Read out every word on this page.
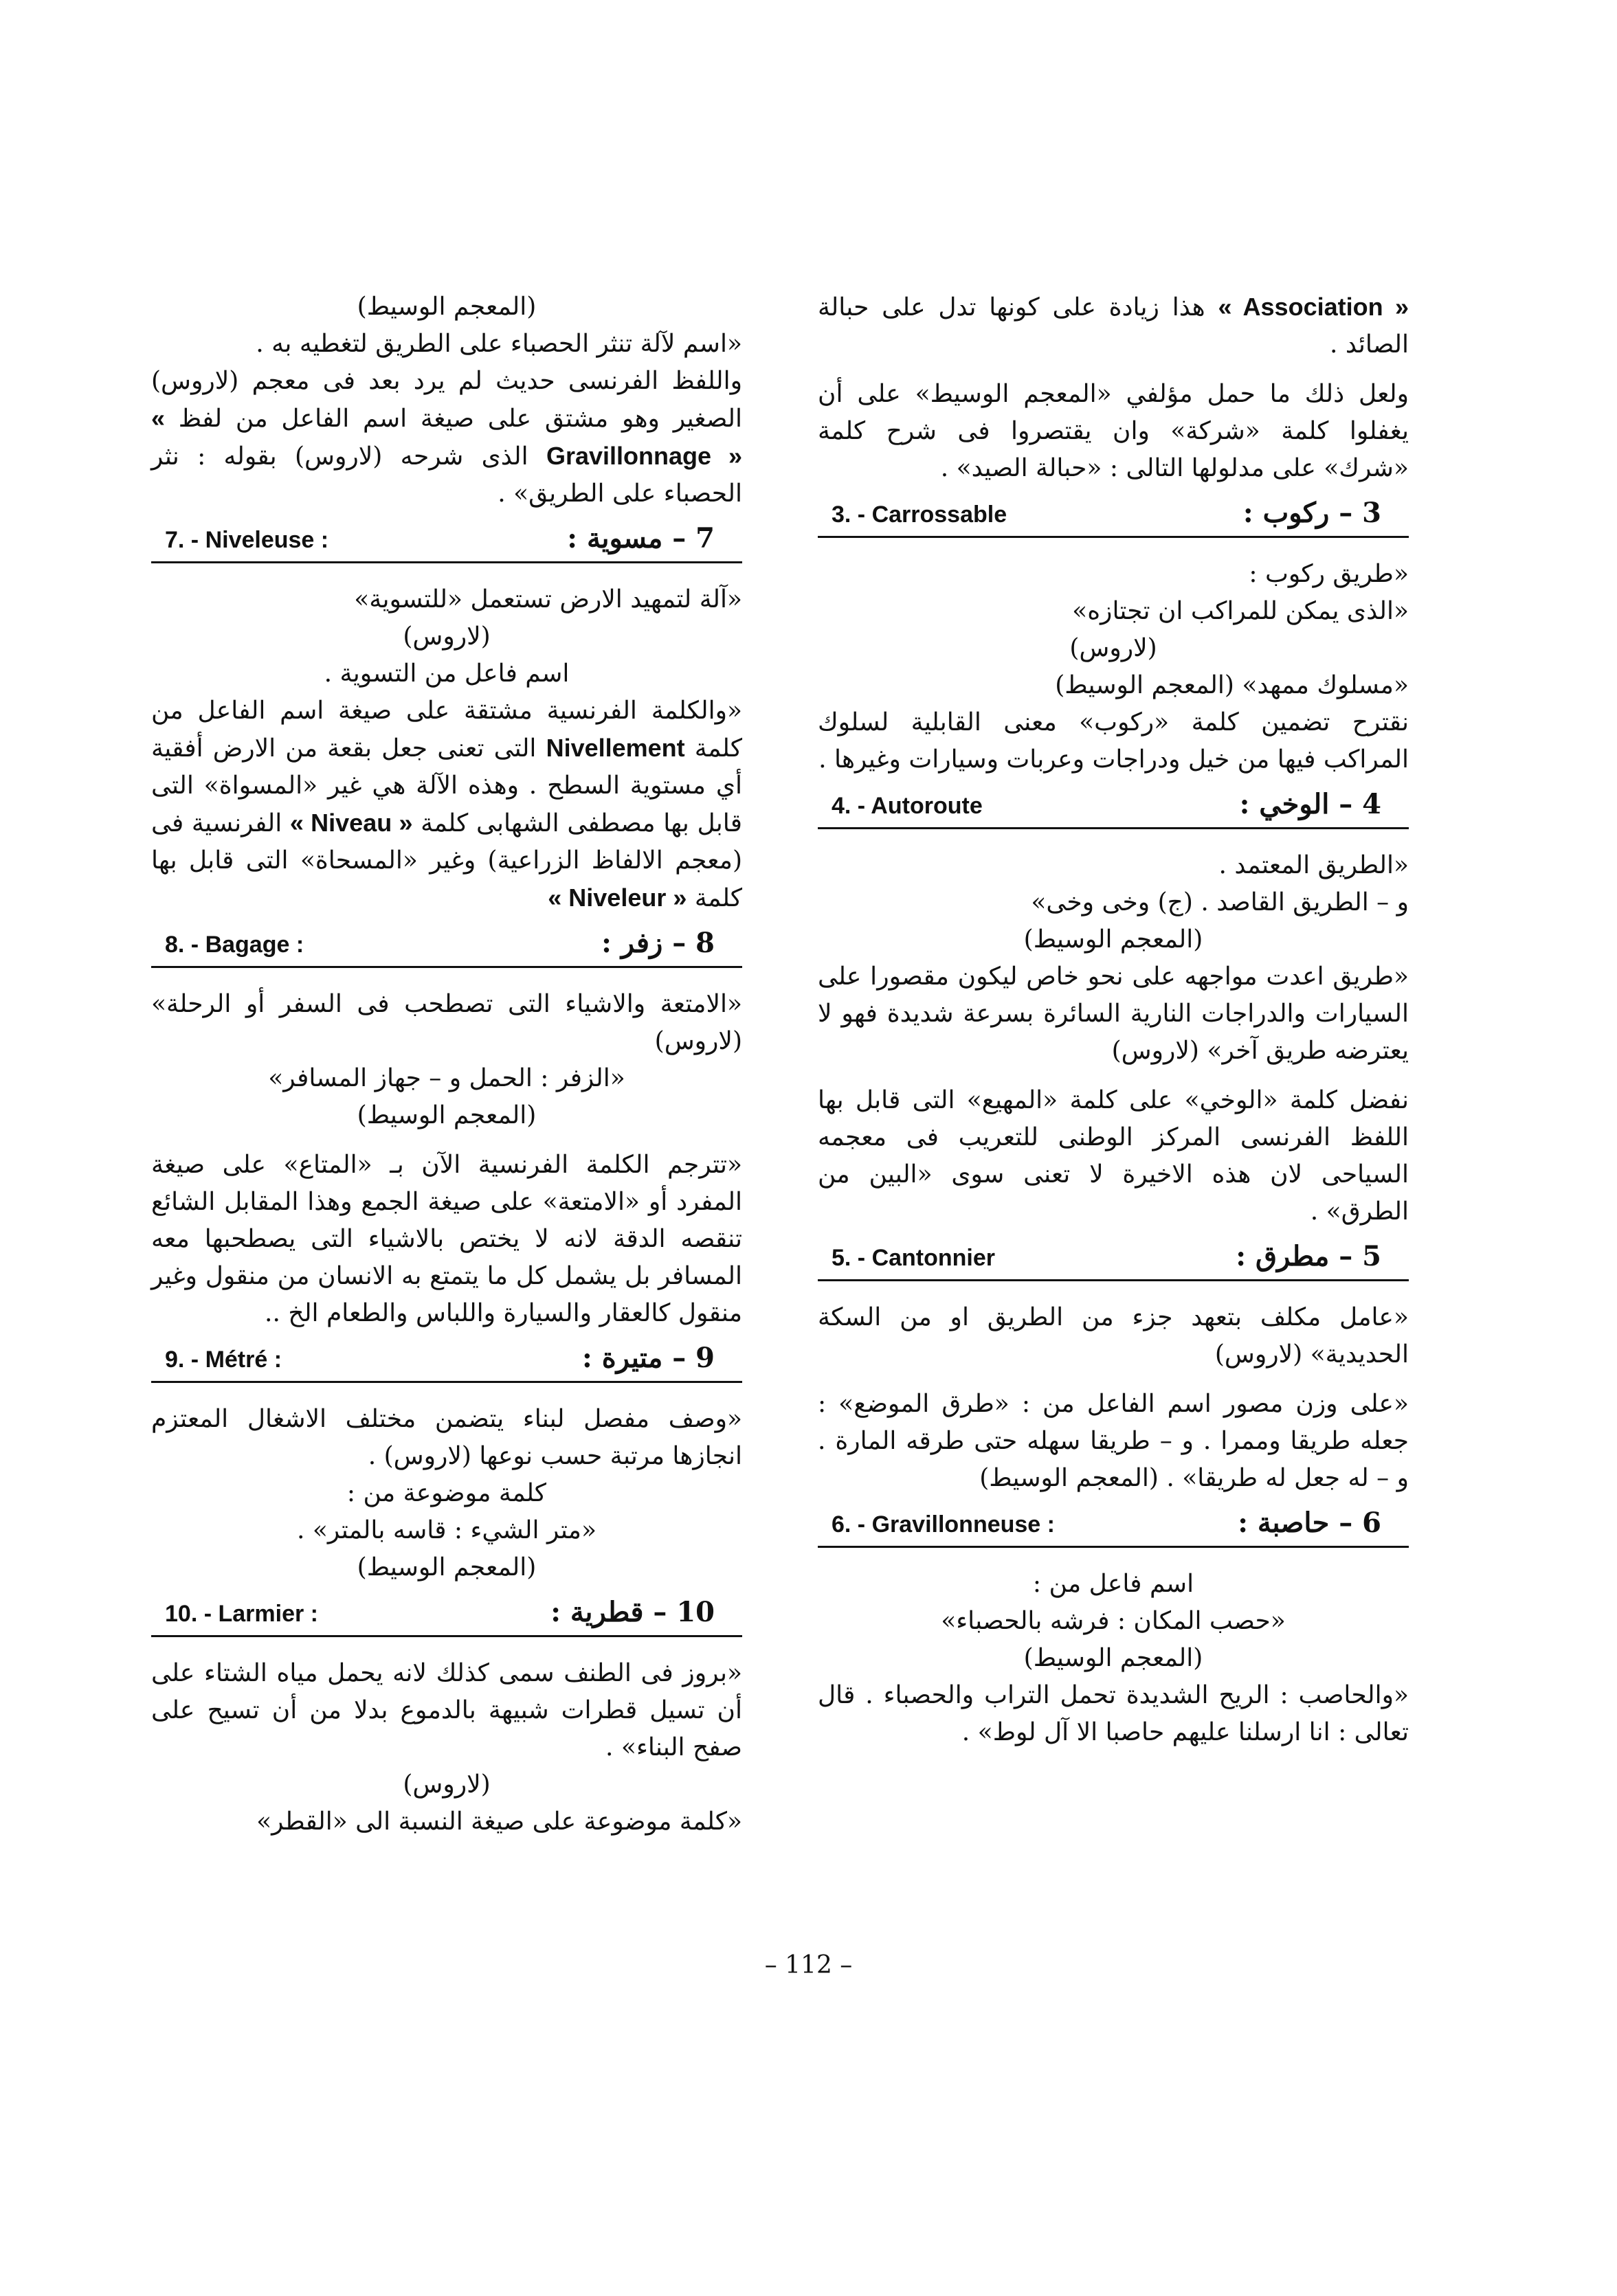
« Association » هذا زيادة على كونها تدل على حبالة الصائد .

ولعل ذلك ما حمل مؤلفي «المعجم الوسيط» على أن يغفلوا كلمة «شركة» وان يقتصروا فى شرح كلمة «شرك» على مدلولها التالى : «حبالة الصيد» .

3 – ركوب :
3. - Carrossable

«طريق ركوب :

«الذى يمكن للمراكب ان تجتازه»

(لاروس)

«مسلوك ممهد» (المعجم الوسيط)

نقترح تضمين كلمة «ركوب» معنى القابلية لسلوك المراكب فيها من خيل ودراجات وعربات وسيارات وغيرها .

4 – الوخي :
4. - Autoroute

«الطريق المعتمد .

و – الطريق القاصد . (ج) وخى وخى»

(المعجم الوسيط)

«طريق اعدت مواجهه على نحو خاص ليكون مقصورا على السيارات والدراجات النارية السائرة بسرعة شديدة فهو لا يعترضه طريق آخر» (لاروس)

نفضل كلمة «الوخي» على كلمة «المهيع» التى قابل بها اللفظ الفرنسى المركز الوطنى للتعريب فى معجمه السياحى لان هذه الاخيرة لا تعنى سوى «البين من الطرق» .

5 – مطرق :
5. - Cantonnier

«عامل مكلف بتعهد جزء من الطريق او من السكة الحديدية» (لاروس)

«على وزن مصور اسم الفاعل من : «طرق الموضع» : جعله طريقا وممرا . و – طريقا سهله حتى طرقه المارة . و – له جعل له طريقا» . (المعجم الوسيط)

6 – حاصبة :
6. - Gravillonneuse :

اسم فاعل من :

«حصب المكان : فرشه بالحصباء»

(المعجم الوسيط)

«والحاصب : الريح الشديدة تحمل التراب والحصباء . قال تعالى : انا ارسلنا عليهم حاصبا الا آل لوط» .

(المعجم الوسيط)

«اسم لآلة تنثر الحصباء على الطريق لتغطيه به .

واللفظ الفرنسى حديث لم يرد بعد فى معجم (لاروس) الصغير وهو مشتق على صيغة اسم الفاعل من لفظ « Gravillonnage » الذى شرحه (لاروس) بقوله : نثر الحصباء على الطريق» .

7 – مسوية :
7. - Niveleuse :

«آلة لتمهيد الارض تستعمل «للتسوية»

(لاروس)

اسم فاعل من التسوية .

«والكلمة الفرنسية مشتقة على صيغة اسم الفاعل من كلمة Nivellement التى تعنى جعل بقعة من الارض أفقية أي مستوية السطح . وهذه الآلة هي غير «المسواة» التى قابل بها مصطفى الشهابى كلمة « Niveau » الفرنسية فى (معجم الالفاظ الزراعية) وغير «المسحاة» التى قابل بها كلمة « Niveleur »

8 – زفر :
8. - Bagage :

«الامتعة والاشياء التى تصطحب فى السفر أو الرحلة» (لاروس)

«الزفر : الحمل و – جهاز المسافر»

(المعجم الوسيط)

«تترجم الكلمة الفرنسية الآن بـ «المتاع» على صيغة المفرد أو «الامتعة» على صيغة الجمع وهذا المقابل الشائع تنقصه الدقة لانه لا يختص بالاشياء التى يصطحبها معه المسافر بل يشمل كل ما يتمتع به الانسان من منقول وغير منقول كالعقار والسيارة واللباس والطعام الخ ..

9 – متيرة :
9. - Métré :

«وصف مفصل لبناء يتضمن مختلف الاشغال المعتزم انجازها مرتبة حسب نوعها (لاروس) .

كلمة موضوعة من :

«متر الشيء : قاسه بالمتر» .

(المعجم الوسيط)

10 – قطرية :
10. - Larmier :

«بروز فى الطنف سمى كذلك لانه يحمل مياه الشتاء على أن تسيل قطرات شبيهة بالدموع بدلا من أن تسيح على صفح البناء» .

(لاروس)

«كلمة موضوعة على صيغة النسبة الى «القطر»

– 112 –
